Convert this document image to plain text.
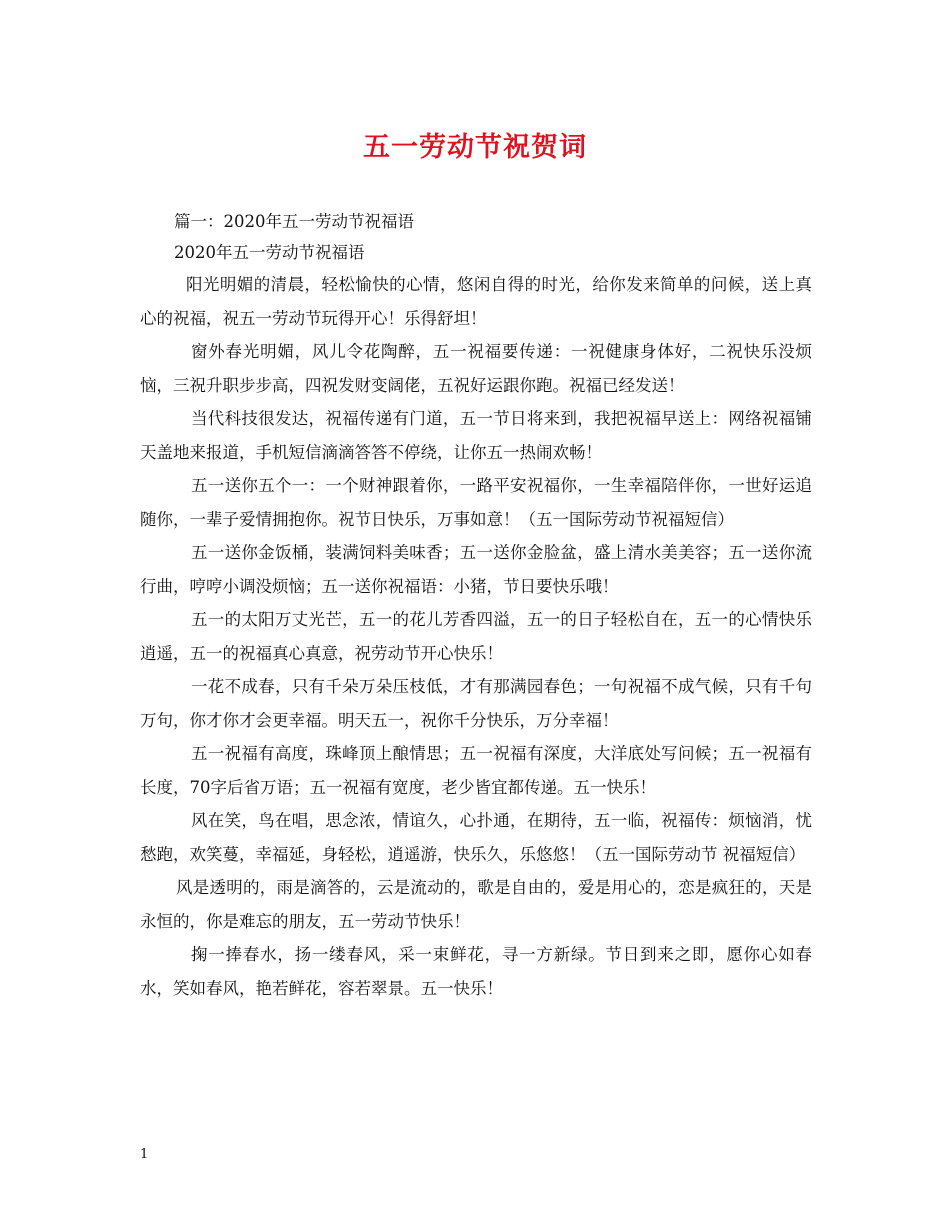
五一劳动节祝贺词
篇一：2020年五一劳动节祝福语
2020年五一劳动节祝福语

阳光明媚的清晨，轻松愉快的心情，悠闲自得的时光，给你发来简单的问候，送上真心的祝福，祝五一劳动节玩得开心！乐得舒坦！

窗外春光明媚，风儿令花陶醉，五一祝福要传递：一祝健康身体好，二祝快乐没烦恼，三祝升职步步高，四祝发财变阔佬，五祝好运跟你跑。祝福已经发送！

当代科技很发达，祝福传递有门道，五一节日将来到，我把祝福早送上：网络祝福铺天盖地来报道，手机短信滴滴答答不停绕，让你五一热闹欢畅！

五一送你五个一：一个财神跟着你，一路平安祝福你，一生幸福陪伴你，一世好运追随你，一辈子爱情拥抱你。祝节日快乐，万事如意！（五一国际劳动节祝福短信）

五一送你金饭桶，装满饲料美味香；五一送你金脸盆，盛上清水美美容；五一送你流行曲，哼哼小调没烦恼；五一送你祝福语：小猪，节日要快乐哦！

五一的太阳万丈光芒，五一的花儿芳香四溢，五一的日子轻松自在，五一的心情快乐逍遥，五一的祝福真心真意，祝劳动节开心快乐！

一花不成春，只有千朵万朵压枝低，才有那满园春色；一句祝福不成气候，只有千句万句，你才你才会更幸福。明天五一，祝你千分快乐，万分幸福！

五一祝福有高度，珠峰顶上酿情思；五一祝福有深度，大洋底处写问候；五一祝福有长度，70字后省万语；五一祝福有宽度，老少皆宜都传递。五一快乐！

风在笑，鸟在唱，思念浓，情谊久，心扑通，在期待，五一临，祝福传：烦恼消，忧愁跑，欢笑蔓，幸福延，身轻松，逍遥游，快乐久，乐悠悠！（五一国际劳动节 祝福短信）

风是透明的，雨是滴答的，云是流动的，歌是自由的，爱是用心的，恋是疯狂的，天是永恒的，你是难忘的朋友，五一劳动节快乐！

掬一捧春水，扬一缕春风，采一束鲜花，寻一方新绿。节日到来之即，愿你心如春水，笑如春风，艳若鲜花，容若翠景。五一快乐！

1
